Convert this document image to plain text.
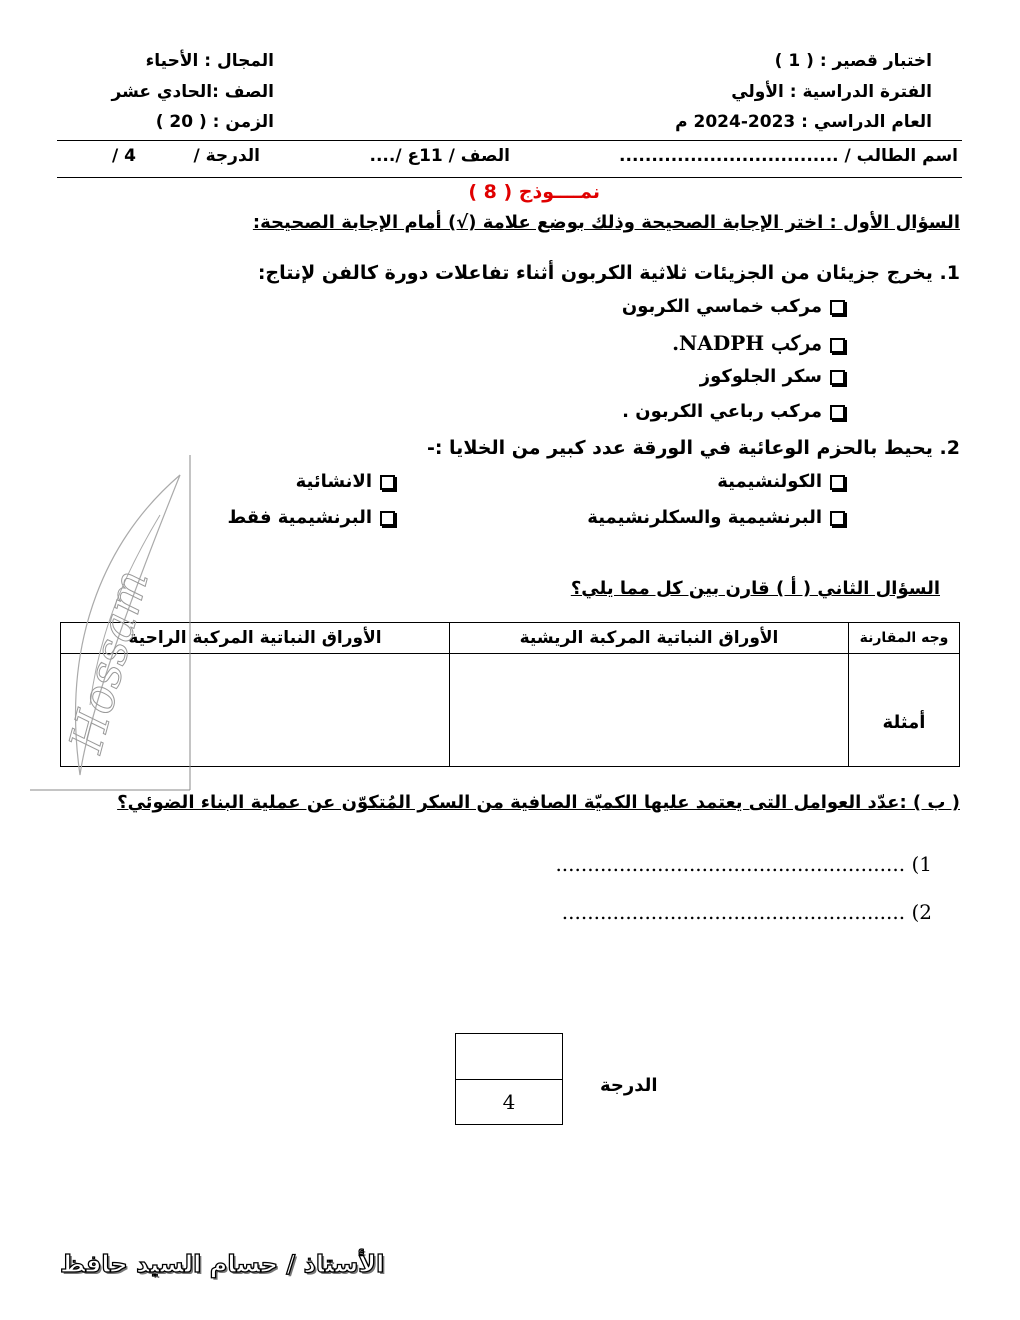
اختبار قصير : ( 1 )
الفترة الدراسية : الأولي
العام الدراسي : 2023-2024 م
المجال : الأحياء
الصف :الحادي عشر
الزمن : ( 20 )
اسم الطالب / ..................................
الصف / 11ع /....
الدرجة /
/ 4
نمــــوذج ( 8 )
السؤال الأول : اختر الإجابة الصحيحة وذلك بوضع علامة (√) أمام الإجابة الصحيحة:
1. يخرج جزيئان من الجزيئات ثلاثية الكربون أثناء تفاعلات دورة كالفن لإنتاج:
مركب خماسي الكربون
مركب NADPH.
سكر الجلوكوز
مركب رباعي الكربون .
2. يحيط بالحزم الوعائية في الورقة عدد كبير من الخلايا :-
الكولنشيمية
الانشائية
البرنشيمية والسكلرنشيمية
البرنشيمية فقط
السؤال الثاني ( أ ) قارن بين كل مما يلي؟
وجه المقارنة	الأوراق النباتية المركبة الريشية	الأوراق النباتية المركبة الراحية
أمثلة		
Hossam
( ب ) :عدّد العوامل التى يعتمد عليها الكميّة الصافية من السكر المُتكوّن عن عملية البناء الضوئي؟
1) .......................................................
2) ......................................................
الدرجة
4
الأستاذ / حسام السيد حافظ
